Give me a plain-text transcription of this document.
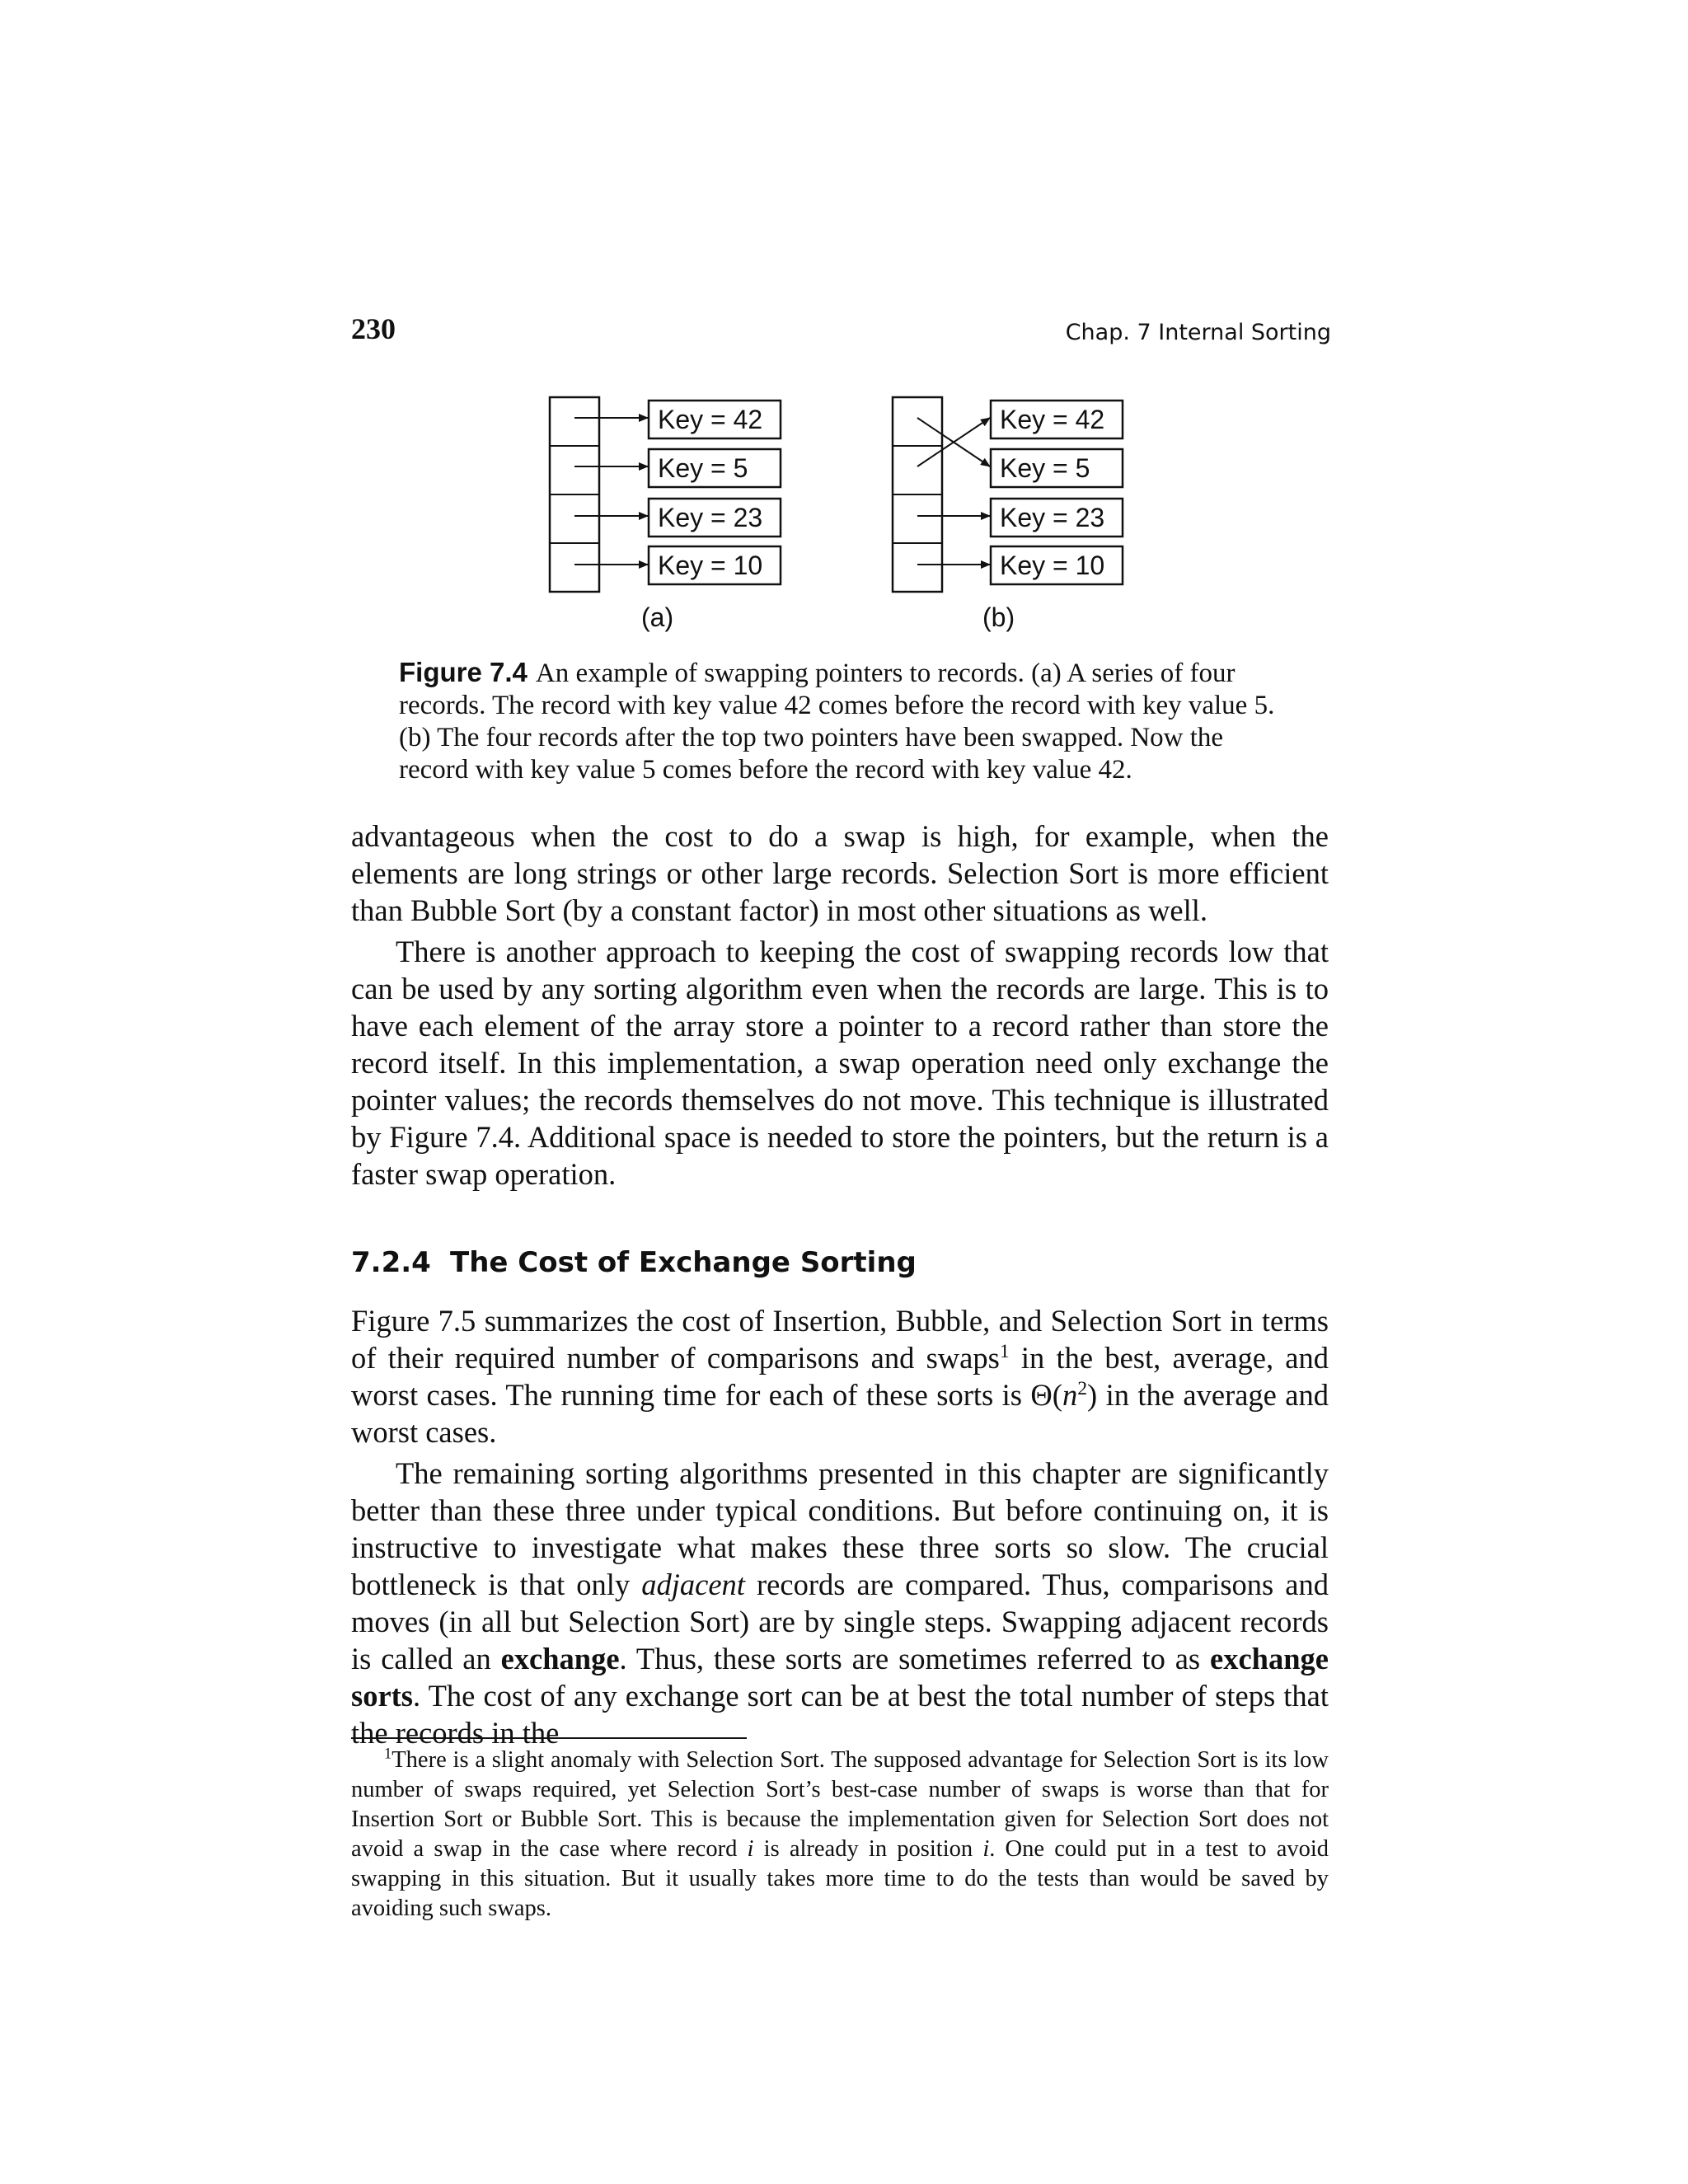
230	Chap. 7 Internal Sorting
Key = 42
Key = 5
Key = 23
Key = 10
(a)
Key = 42
Key = 5
Key = 23
Key = 10
(b)
Figure 7.4 An example of swapping pointers to records. (a) A series of four records. The record with key value 42 comes before the record with key value 5. (b) The four records after the top two pointers have been swapped. Now the record with key value 5 comes before the record with key value 42.

advantageous when the cost to do a swap is high, for example, when the elements are long strings or other large records. Selection Sort is more efficient than Bubble Sort (by a constant factor) in most other situations as well.

There is another approach to keeping the cost of swapping records low that can be used by any sorting algorithm even when the records are large. This is to have each element of the array store a pointer to a record rather than store the record itself. In this implementation, a swap operation need only exchange the pointer values; the records themselves do not move. This technique is illustrated by Figure 7.4. Additional space is needed to store the pointers, but the return is a faster swap operation.

7.2.4 The Cost of Exchange Sorting

Figure 7.5 summarizes the cost of Insertion, Bubble, and Selection Sort in terms of their required number of comparisons and swaps$^1$ in the best, average, and worst cases. The running time for each of these sorts is $\Theta(n^2)$ in the average and worst cases.

The remaining sorting algorithms presented in this chapter are significantly better than these three under typical conditions. But before continuing on, it is instructive to investigate what makes these three sorts so slow. The crucial bottleneck is that only adjacent records are compared. Thus, comparisons and moves (in all but Selection Sort) are by single steps. Swapping adjacent records is called an exchange. Thus, these sorts are sometimes referred to as exchange sorts. The cost of any exchange sort can be at best the total number of steps that the records in the

$^1$There is a slight anomaly with Selection Sort. The supposed advantage for Selection Sort is its low number of swaps required, yet Selection Sort’s best-case number of swaps is worse than that for Insertion Sort or Bubble Sort. This is because the implementation given for Selection Sort does not avoid a swap in the case where record i is already in position i. One could put in a test to avoid swapping in this situation. But it usually takes more time to do the tests than would be saved by avoiding such swaps.
